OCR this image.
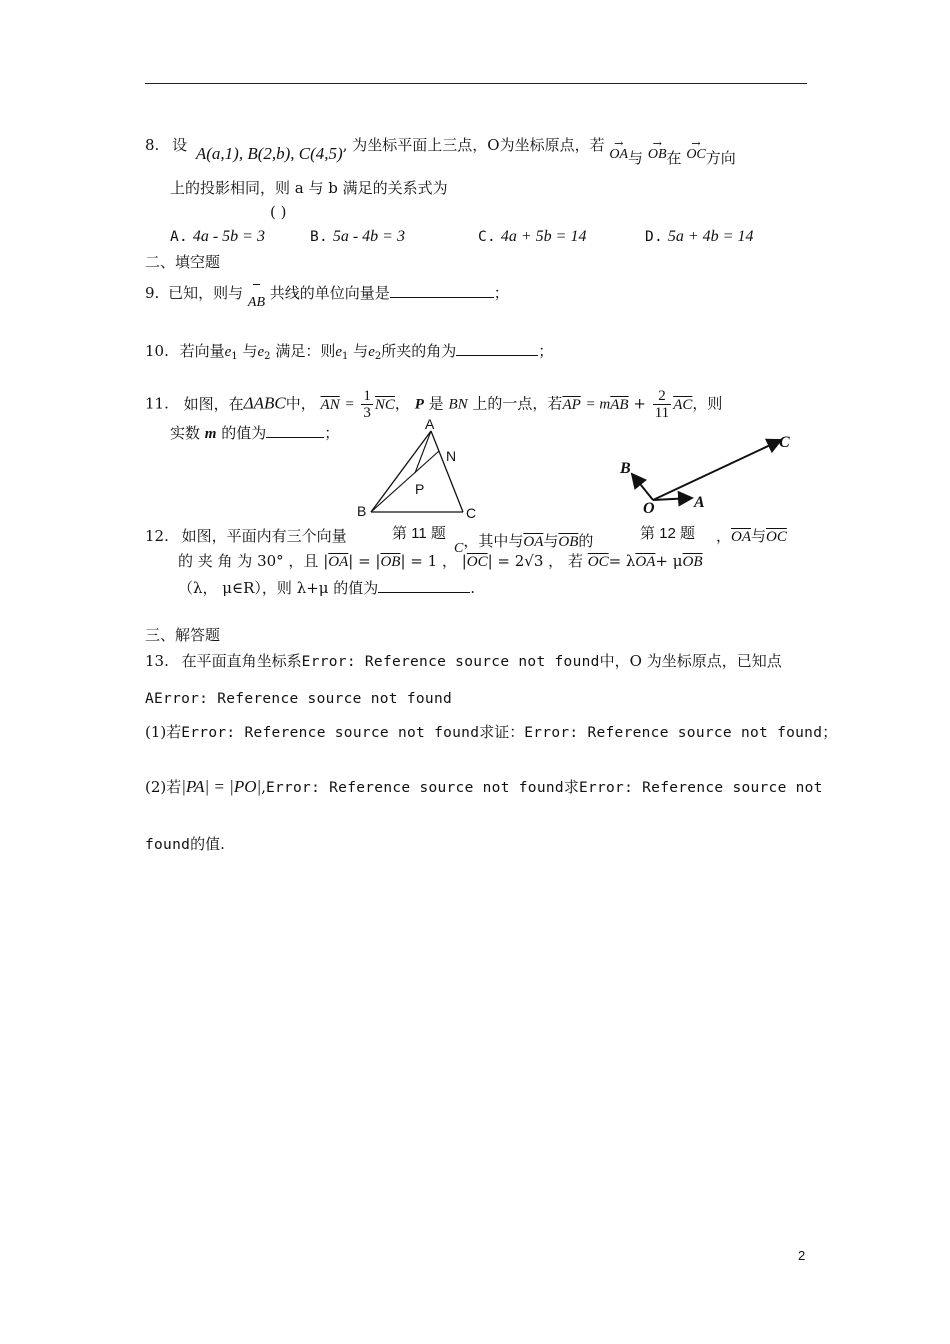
8. 设 A(a,1), B(2,b), C(4,5), 为坐标平面上三点，O为坐标原点，若 →
OA 与
→
OB 在
→
OC 方向
上的投影相同，则 a 与 b 满足的关系式为
( )
A. 4a - 5b = 3	B. 5a - 4b = 3	C. 4a + 5b = 14	D. 5a + 4b = 14
二、填空题
9. 已知，则与

AB
共线的单位向量是	；
10. 若向量$e_1$ 与$e_2$ 满足：则$e_1$ 与$e_2$所夹的角为	；
11. 如图，在ΔABC中， $\overline{AN} = \frac{1}{3} \overline{NC}$， P 是 BN 上的一点，若$\overline{AP} = m\overline{AB} + \frac{2}{11} \overline{AC}$，则
实数 m 的值为	；	A
N
P
B	C
C
B
A
O
12. 如图，平面内有三个向量	第 11 题

C ，其中与$\overline{OA}$与$\overline{OB}$的	第 12 题 ，$\overline{OA}$与$\overline{OC}$
的 夹 角 为 30° ，且 $|\overline{OA}| = |\overline{OB}| = 1$ ， $|\overline{OC}| = 2√3$ ， 若 $\overline{OC}= \lambda\overline{OA}+ \mu\overline{OB}$
（λ， μ∈R），则 λ+μ 的值为	.
三、解答题
13. 在平面直角坐标系Error: Reference source not found中，O 为坐标原点，已知点
AError: Reference source not found
(1)若Error: Reference source not found求证：Error: Reference source not found；
(2)若|PA| = |PO|,Error: Reference source not found求Error: Reference source not
found的值.
2
